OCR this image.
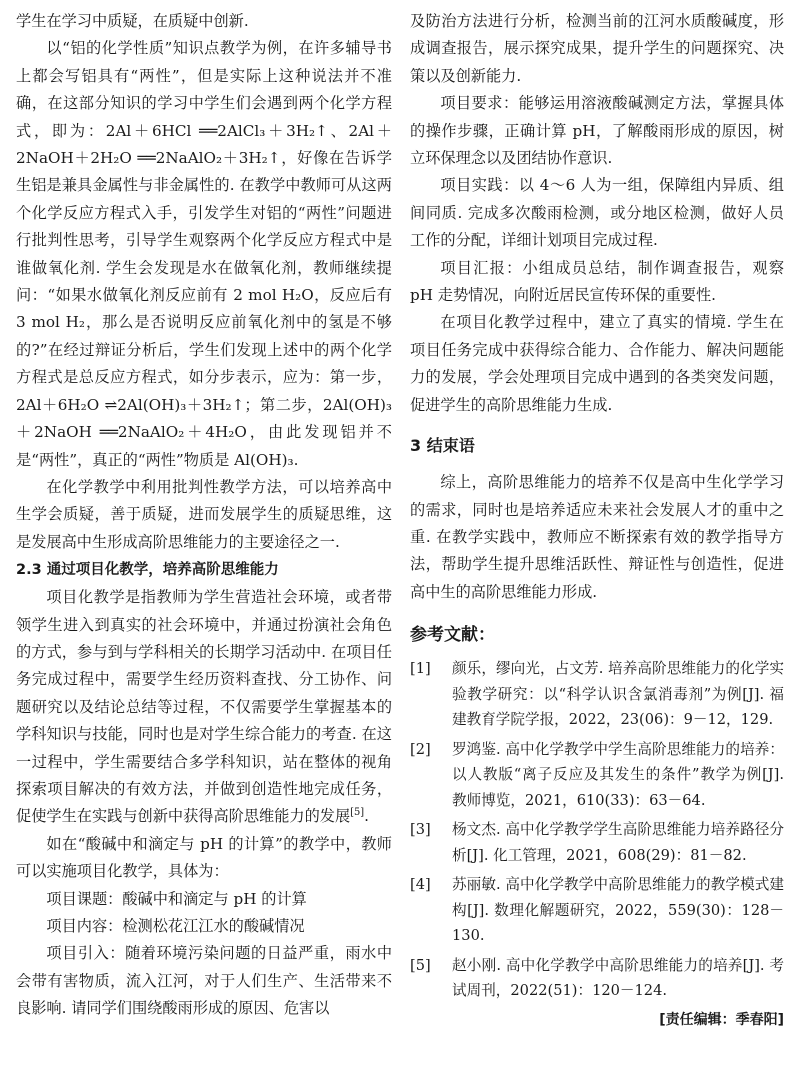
学生在学习中质疑，在质疑中创新.

以“铝的化学性质”知识点教学为例，在许多辅导书上都会写铝具有“两性”，但是实际上这种说法并不准确，在这部分知识的学习中学生们会遇到两个化学方程式，即为：2Al＋6HCl ══2AlCl₃＋3H₂↑、2Al＋2NaOH＋2H₂O ══2NaAlO₂＋3H₂↑，好像在告诉学生铝是兼具金属性与非金属性的. 在教学中教师可从这两个化学反应方程式入手，引发学生对铝的“两性”问题进行批判性思考，引导学生观察两个化学反应方程式中是谁做氧化剂. 学生会发现是水在做氧化剂，教师继续提问：“如果水做氧化剂反应前有 2 mol H₂O，反应后有 3 mol H₂，那么是否说明反应前氧化剂中的氢是不够的?”在经过辩证分析后，学生们发现上述中的两个化学方程式是总反应方程式，如分步表示，应为：第一步，2Al＋6H₂O ⇌2Al(OH)₃＋3H₂↑；第二步，2Al(OH)₃＋2NaOH ══2NaAlO₂＋4H₂O，由此发现铝并不是“两性”，真正的“两性”物质是 Al(OH)₃.

在化学教学中利用批判性教学方法，可以培养高中生学会质疑，善于质疑，进而发展学生的质疑思维，这是发展高中生形成高阶思维能力的主要途径之一.

2.3 通过项目化教学，培养高阶思维能力

项目化教学是指教师为学生营造社会环境，或者带领学生进入到真实的社会环境中，并通过扮演社会角色的方式，参与到与学科相关的长期学习活动中. 在项目任务完成过程中，需要学生经历资料查找、分工协作、问题研究以及结论总结等过程，不仅需要学生掌握基本的学科知识与技能，同时也是对学生综合能力的考查. 在这一过程中，学生需要结合多学科知识，站在整体的视角探索项目解决的有效方法，并做到创造性地完成任务，促使学生在实践与创新中获得高阶思维能力的发展[5].

如在“酸碱中和滴定与 pH 的计算”的教学中，教师可以实施项目化教学，具体为：

项目课题：酸碱中和滴定与 pH 的计算

项目内容：检测松花江江水的酸碱情况

项目引入：随着环境污染问题的日益严重，雨水中会带有害物质，流入江河，对于人们生产、生活带来不良影响. 请同学们围绕酸雨形成的原因、危害以

及防治方法进行分析，检测当前的江河水质酸碱度，形成调查报告，展示探究成果，提升学生的问题探究、决策以及创新能力.

项目要求：能够运用溶液酸碱测定方法，掌握具体的操作步骤，正确计算 pH，了解酸雨形成的原因，树立环保理念以及团结协作意识.

项目实践：以 4～6 人为一组，保障组内异质、组间同质. 完成多次酸雨检测，或分地区检测，做好人员工作的分配，详细计划项目完成过程.

项目汇报：小组成员总结，制作调查报告，观察 pH 走势情况，向附近居民宣传环保的重要性.

在项目化教学过程中，建立了真实的情境. 学生在项目任务完成中获得综合能力、合作能力、解决问题能力的发展，学会处理项目完成中遇到的各类突发问题，促进学生的高阶思维能力生成.

3 结束语

综上，高阶思维能力的培养不仅是高中生化学学习的需求，同时也是培养适应未来社会发展人才的重中之重. 在教学实践中，教师应不断探索有效的教学指导方法，帮助学生提升思维活跃性、辩证性与创造性，促进高中生的高阶思维能力形成.

参考文献：

[1] 颜乐，缪向光，占文芳. 培养高阶思维能力的化学实验教学研究：以“科学认识含氯消毒剂”为例[J]. 福建教育学院学报，2022，23(06)：9－12，129.
[2] 罗鸿鉴. 高中化学教学中学生高阶思维能力的培养：以人教版“离子反应及其发生的条件”教学为例[J]. 教师博览，2021，610(33)：63－64.
[3] 杨文杰. 高中化学教学学生高阶思维能力培养路径分析[J]. 化工管理，2021，608(29)：81－82.
[4] 苏丽敏. 高中化学教学中高阶思维能力的教学模式建构[J]. 数理化解题研究，2022，559(30)：128－130.
[5] 赵小刚. 高中化学教学中高阶思维能力的培养[J]. 考试周刊，2022(51)：120－124.

[责任编辑：季春阳]
